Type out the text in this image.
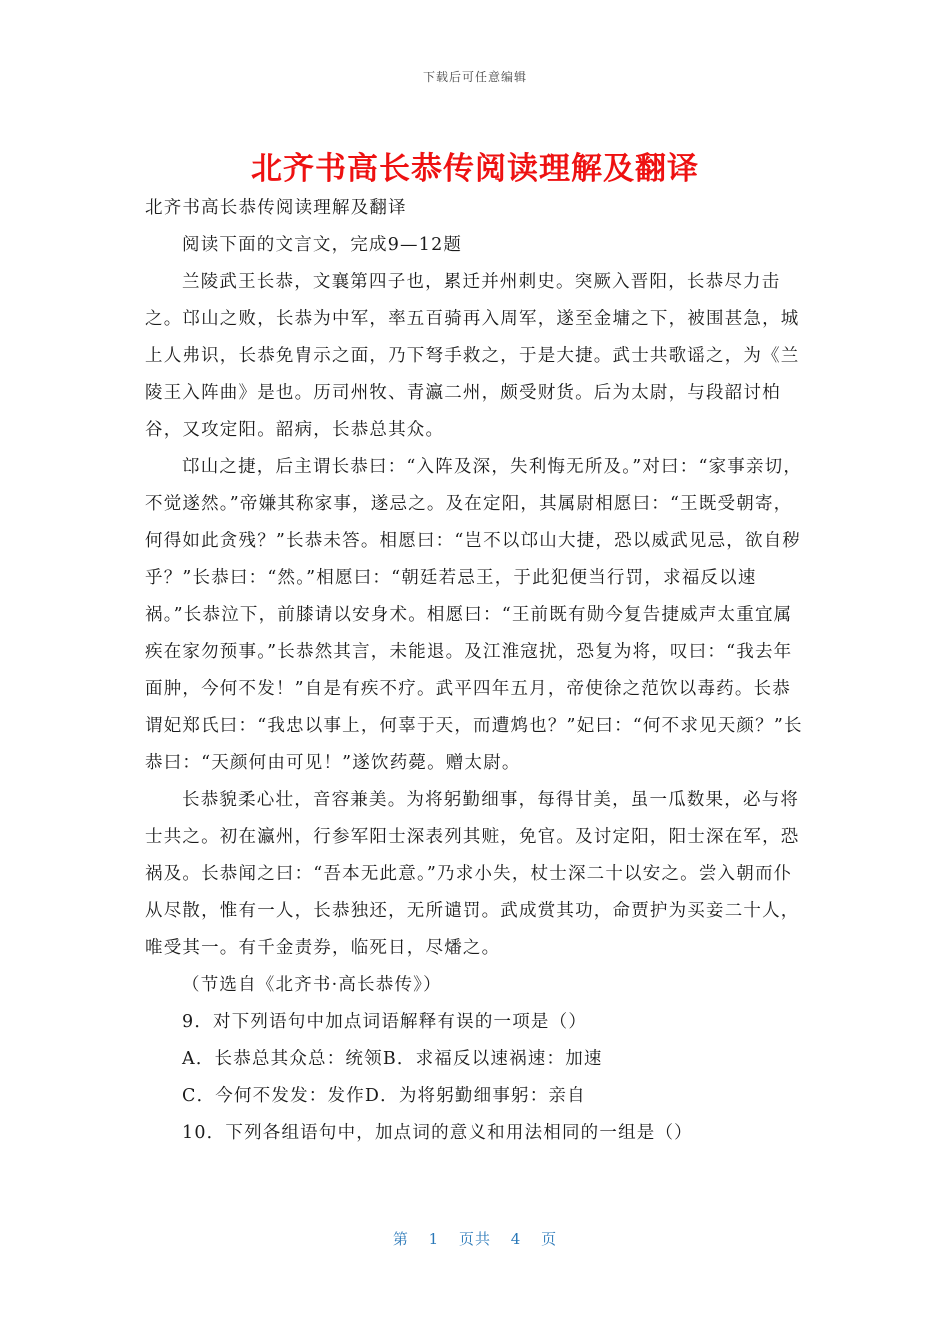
下载后可任意编辑
北齐书高长恭传阅读理解及翻译

北齐书高长恭传阅读理解及翻译

阅读下面的文言文，完成9—12题

兰陵武王长恭，文襄第四子也，累迁并州刺史。突厥入晋阳，长恭尽力击之。邙山之败，长恭为中军，率五百骑再入周军，遂至金墉之下，被围甚急，城上人弗识，长恭免胄示之面，乃下弩手救之，于是大捷。武士共歌谣之，为《兰陵王入阵曲》是也。历司州牧、青瀛二州，颇受财货。后为太尉，与段韶讨柏谷，又攻定阳。韶病，长恭总其众。

邙山之捷，后主谓长恭曰：“入阵及深，失利悔无所及。”对曰：“家事亲切，不觉遂然。”帝嫌其称家事，遂忌之。及在定阳，其属尉相愿曰：“王既受朝寄，何得如此贪残？”长恭未答。相愿曰：“岂不以邙山大捷，恐以威武见忌，欲自秽乎？”长恭曰：“然。”相愿曰：“朝廷若忌王，于此犯便当行罚，求福反以速祸。”长恭泣下，前膝请以安身术。相愿曰：“王前既有勋今复告捷威声太重宜属疾在家勿预事。”长恭然其言，未能退。及江淮寇扰，恐复为将，叹曰：“我去年面肿，今何不发！”自是有疾不疗。武平四年五月，帝使徐之范饮以毒药。长恭谓妃郑氏曰：“我忠以事上，何辜于天，而遭鸩也？”妃曰：“何不求见天颜？”长恭曰：“天颜何由可见！”遂饮药薨。赠太尉。

长恭貌柔心壮，音容兼美。为将躬勤细事，每得甘美，虽一瓜数果，必与将士共之。初在瀛州，行参军阳士深表列其赃，免官。及讨定阳，阳士深在军，恐祸及。长恭闻之曰：“吾本无此意。”乃求小失，杖士深二十以安之。尝入朝而仆从尽散，惟有一人，长恭独还，无所谴罚。武成赏其功，命贾护为买妾二十人，唯受其一。有千金责券，临死日，尽燔之。

（节选自《北齐书·高长恭传》）

9．对下列语句中加点词语解释有误的一项是（）

A．长恭总其众总：统领B．求福反以速祸速：加速

C．今何不发发：发作D．为将躬勤细事躬：亲自

10．下列各组语句中，加点词的意义和用法相同的一组是（）

第 1 页共 4 页
